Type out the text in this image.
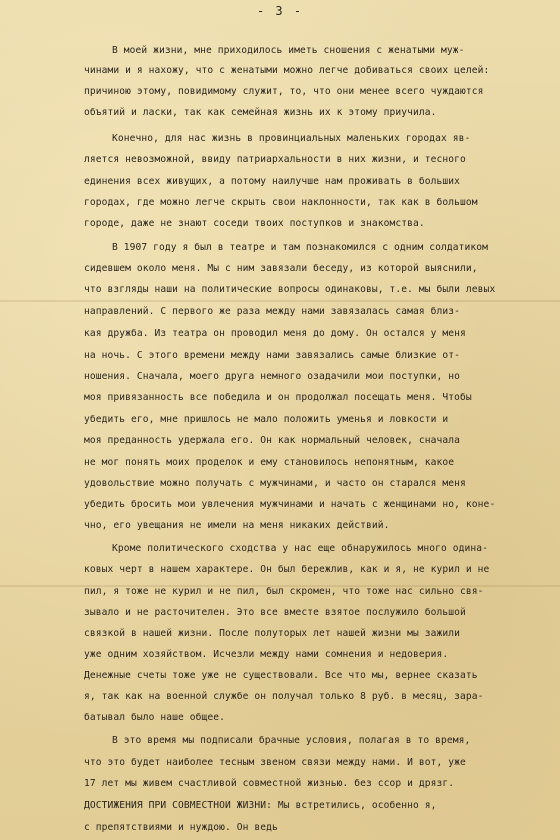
- 3 -
В моей жизни, мне приходилось иметь сношения с женатыми муж-
чинами и я нахожу, что с женатыми можно легче добиваться своих целей:
причиною этому, повидимому служит, то, что они менее всего чуждаются
объятий и ласки, так как семейная жизнь их к этому приучила.
Конечно, для нас жизнь в провинциальных маленьких городах яв-
ляется невозможной, ввиду патриархальности в них жизни, и тесного
единения всех живущих, а потому наилучше нам проживать в больших
городах, где можно легче скрыть свои наклонности, так как в большом
городе, даже не знают соседи твоих поступков и знакомства.
В 1907 году я был в театре и там познакомился с одним солдатиком
сидевшем около меня. Мы с ним завязали беседу, из которой выяснили,
что взгляды наши на политические вопросы одинаковы, т.е. мы были левых
направлений. С первого же раза между нами завязалась самая близ-
кая дружба. Из театра он проводил меня до дому. Он остался у меня
на ночь. С этого времени между нами завязались самые близкие от-
ношения. Сначала, моего друга немного озадачили мои поступки, но
моя привязанность все победила и он продолжал посещать меня. Чтобы
убедить его, мне пришлось не мало положить уменья и ловкости и
моя преданность удержала его. Он как нормальный человек, сначала
не мог понять моих проделок и ему становилось непонятным, какое
удовольствие можно получать с мужчинами, и часто он старался меня
убедить бросить мои увлечения мужчинами и начать с женщинами но, коне-
чно, его увещания не имели на меня никаких действий.
Кроме политического сходства у нас еще обнаружилось много одина-
ковых черт в нашем характере. Он был бережлив, как и я, не курил и не
пил, я тоже не курил и не пил, был скромен, что тоже нас сильно свя-
зывало и не расточителен. Это все вместе взятое послужило большой
связкой в нашей жизни. После полуторых лет нашей жизни мы зажили
уже одним хозяйством. Исчезли между нами сомнения и недоверия.
Денежные счеты тоже уже не существовали. Все что мы, вернее сказать
я, так как на военной службе он получал только 8 руб. в месяц, зара-
батывал было наше общее.
В это время мы подписали брачные условия, полагая в то время,
что это будет наиболее тесным звеном связи между нами. И вот, уже
17 лет мы живем счастливой совместной жизнью. без ссор и дрязг.
ДОСТИЖЕНИЯ ПРИ СОВМЕСТНОЙ ЖИЗНИ: Мы встретились, особенно я,
с препятствиями и нуждою. Он ведь
